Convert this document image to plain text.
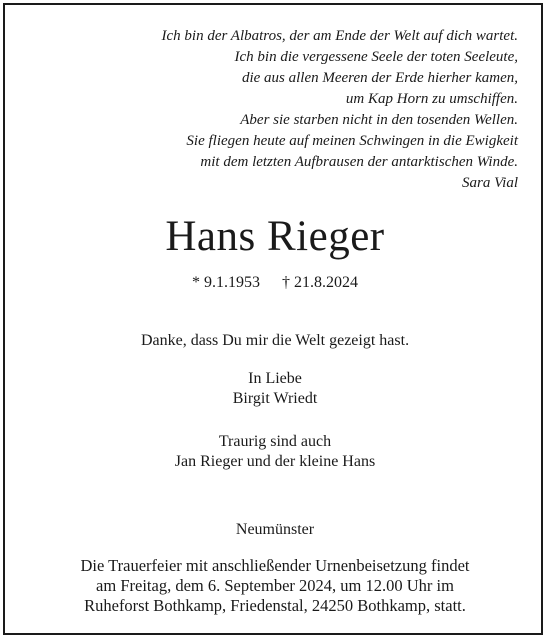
Ich bin der Albatros, der am Ende der Welt auf dich wartet.
Ich bin die vergessene Seele der toten Seeleute,
die aus allen Meeren der Erde hierher kamen,
um Kap Horn zu umschiffen.
Aber sie starben nicht in den tosenden Wellen.
Sie fliegen heute auf meinen Schwingen in die Ewigkeit
mit dem letzten Aufbrausen der antarktischen Winde.
Sara Vial
Hans Rieger
* 9.1.1953 † 21.8.2024
Danke, dass Du mir die Welt gezeigt hast.
In Liebe
Birgit Wriedt
Traurig sind auch
Jan Rieger und der kleine Hans
Neumünster
Die Trauerfeier mit anschließender Urnenbeisetzung findet
am Freitag, dem 6. September 2024, um 12.00 Uhr im
Ruheforst Bothkamp, Friedenstal, 24250 Bothkamp, statt.
